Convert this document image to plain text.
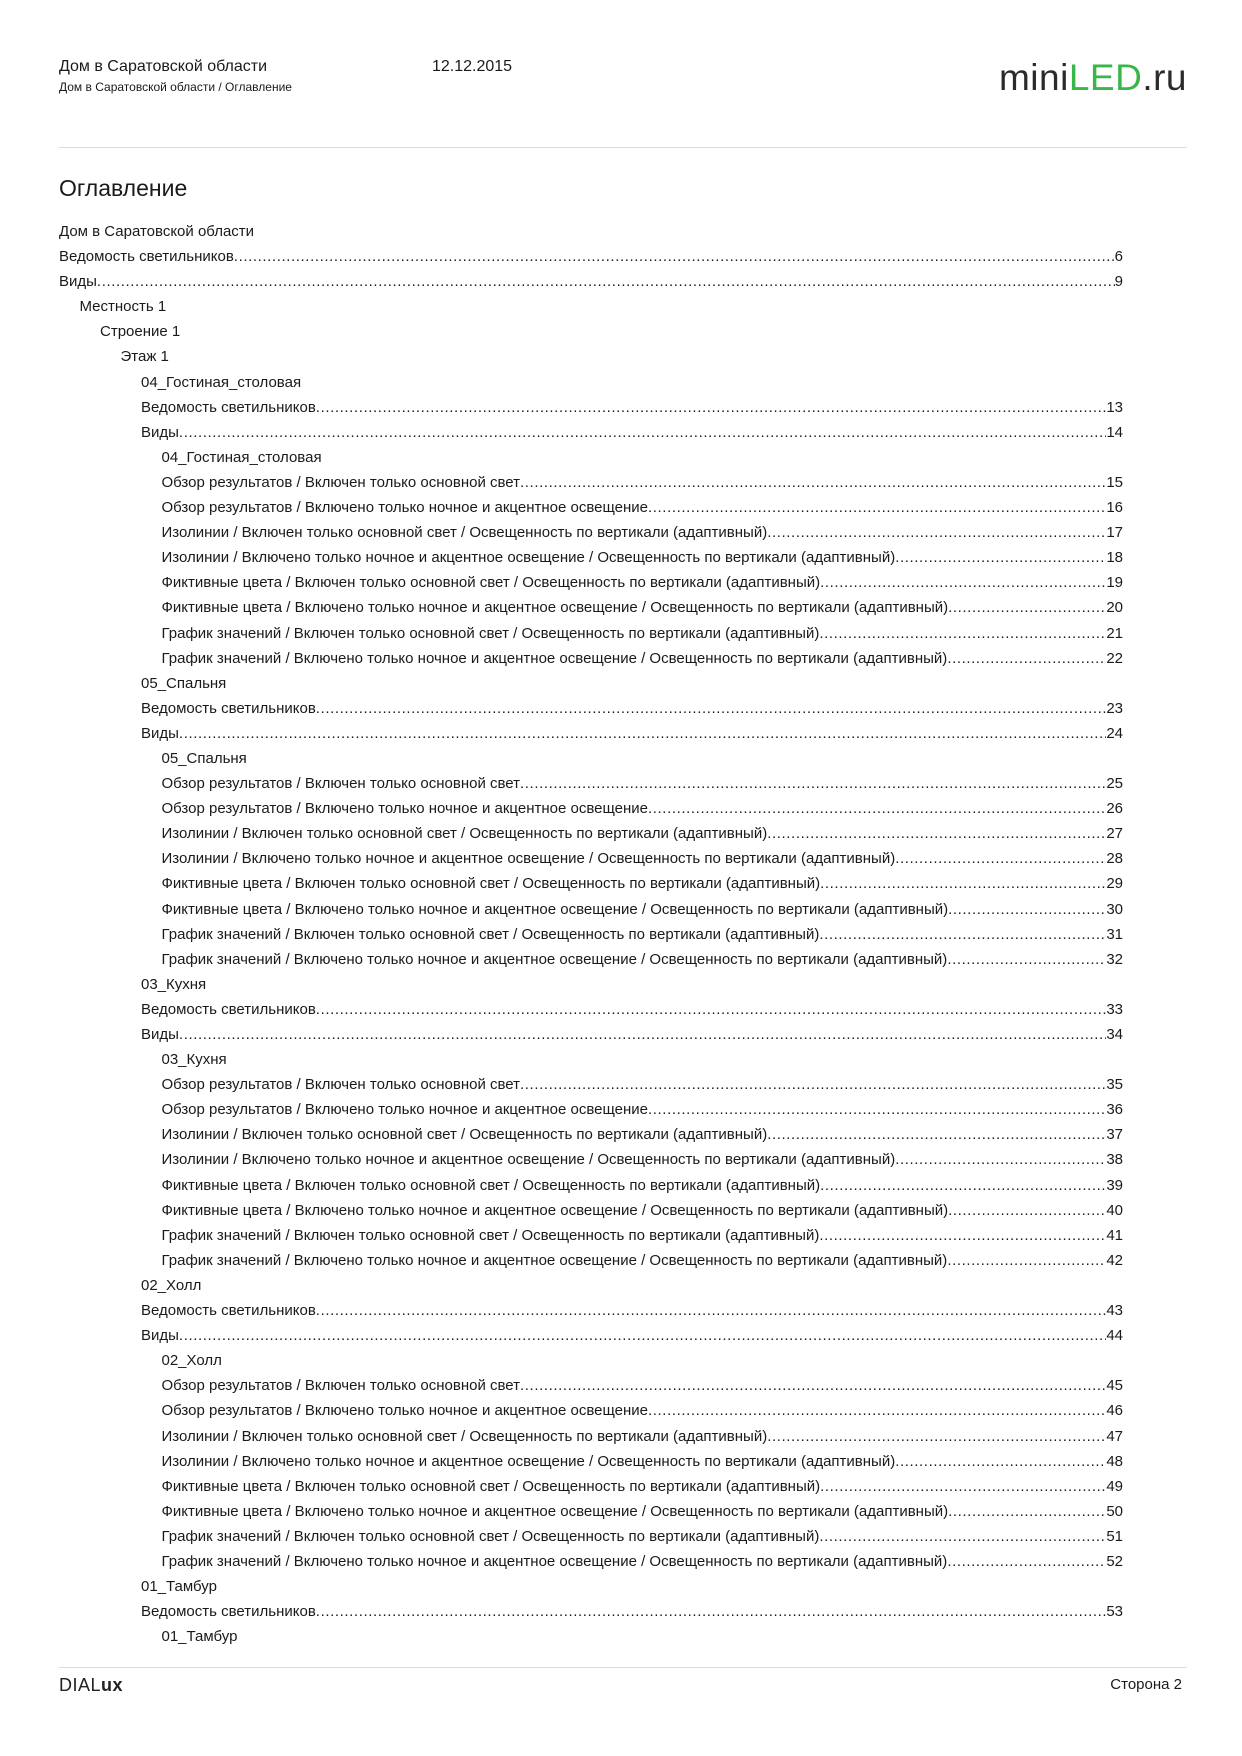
Дом в Саратовской области	12.12.2015
Дом в Саратовской области / Оглавление	miniLED.ru
Оглавление
Дом в Саратовской области
Ведомость светильников .....	6
Виды .....	9
Местность 1
Строение 1
Этаж 1
04_Гостиная_столовая
Ведомость светильников .....	13
Виды .....	14
04_Гостиная_столовая
Обзор результатов / Включен только основной свет .....	15
Обзор результатов / Включено только ночное и акцентное освещение .....	16
Изолинии / Включен только основной свет / Освещенность по вертикали (адаптивный) .....	17
Изолинии / Включено только ночное и акцентное освещение / Освещенность по вертикали (адаптивный) .....	18
Фиктивные цвета / Включен только основной свет / Освещенность по вертикали (адаптивный) .....	19
Фиктивные цвета / Включено только ночное и акцентное освещение / Освещенность по вертикали (адаптивный) .....	20
График значений / Включен только основной свет / Освещенность по вертикали (адаптивный) .....	21
График значений / Включено только ночное и акцентное освещение / Освещенность по вертикали (адаптивный) .....	22
05_Спальня
Ведомость светильников .....	23
Виды .....	24
05_Спальня
Обзор результатов / Включен только основной свет .....	25
Обзор результатов / Включено только ночное и акцентное освещение .....	26
Изолинии / Включен только основной свет / Освещенность по вертикали (адаптивный) .....	27
Изолинии / Включено только ночное и акцентное освещение / Освещенность по вертикали (адаптивный) .....	28
Фиктивные цвета / Включен только основной свет / Освещенность по вертикали (адаптивный) .....	29
Фиктивные цвета / Включено только ночное и акцентное освещение / Освещенность по вертикали (адаптивный) .....	30
График значений / Включен только основной свет / Освещенность по вертикали (адаптивный) .....	31
График значений / Включено только ночное и акцентное освещение / Освещенность по вертикали (адаптивный) .....	32
03_Кухня
Ведомость светильников .....	33
Виды .....	34
03_Кухня
Обзор результатов / Включен только основной свет .....	35
Обзор результатов / Включено только ночное и акцентное освещение .....	36
Изолинии / Включен только основной свет / Освещенность по вертикали (адаптивный) .....	37
Изолинии / Включено только ночное и акцентное освещение / Освещенность по вертикали (адаптивный) .....	38
Фиктивные цвета / Включен только основной свет / Освещенность по вертикали (адаптивный) .....	39
Фиктивные цвета / Включено только ночное и акцентное освещение / Освещенность по вертикали (адаптивный) .....	40
График значений / Включен только основной свет / Освещенность по вертикали (адаптивный) .....	41
График значений / Включено только ночное и акцентное освещение / Освещенность по вертикали (адаптивный) .....	42
02_Холл
Ведомость светильников .....	43
Виды .....	44
02_Холл
Обзор результатов / Включен только основной свет .....	45
Обзор результатов / Включено только ночное и акцентное освещение .....	46
Изолинии / Включен только основной свет / Освещенность по вертикали (адаптивный) .....	47
Изолинии / Включено только ночное и акцентное освещение / Освещенность по вертикали (адаптивный) .....	48
Фиктивные цвета / Включен только основной свет / Освещенность по вертикали (адаптивный) .....	49
Фиктивные цвета / Включено только ночное и акцентное освещение / Освещенность по вертикали (адаптивный) .....	50
График значений / Включен только основной свет / Освещенность по вертикали (адаптивный) .....	51
График значений / Включено только ночное и акцентное освещение / Освещенность по вертикали (адаптивный) .....	52
01_Тамбур
Ведомость светильников .....	53
01_Тамбур
DIALux	Сторона 2
